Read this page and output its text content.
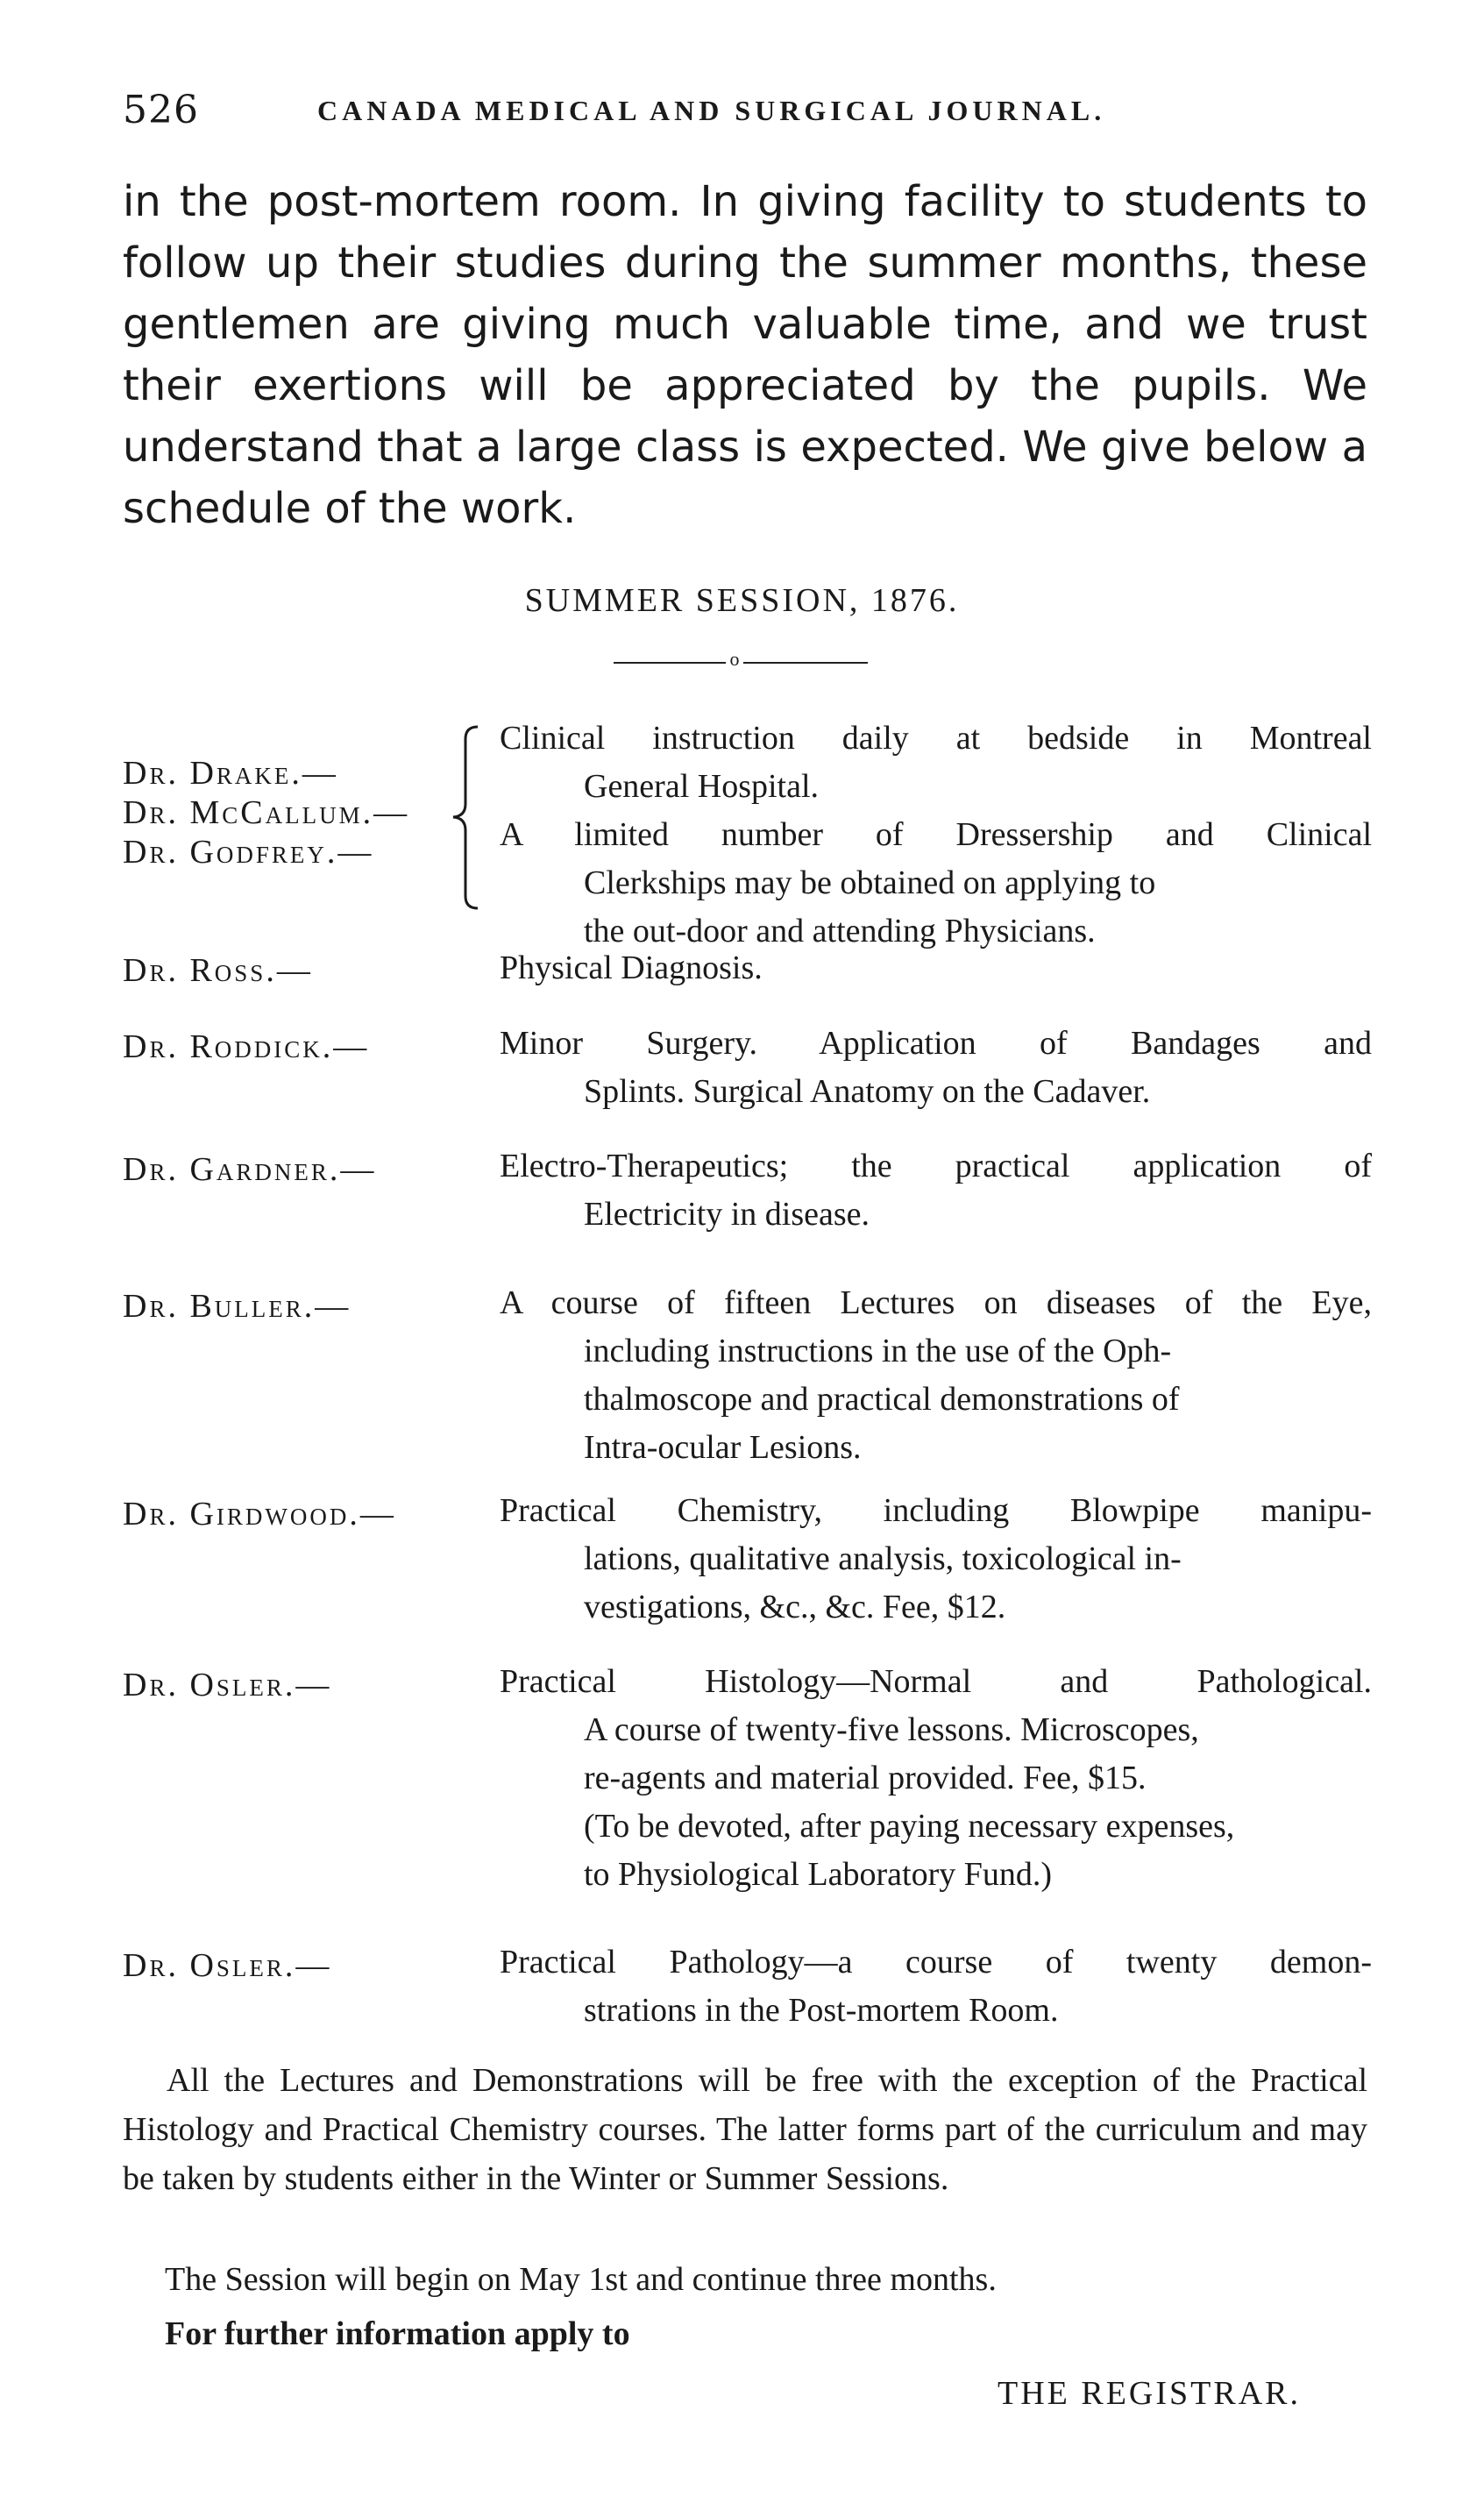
526	CANADA MEDICAL AND SURGICAL JOURNAL.

in the post-mortem room. In giving facility to students to follow up their studies during the summer months, these gentlemen are giving much valuable time, and we trust their exertions will be appreciated by the pupils. We understand that a large class is expected. We give below a schedule of the work.

SUMMER SESSION, 1876.
o
Dr. Drake.—
Dr. McCallum.—
Dr. Godfrey.—
Clinical instruction daily at bedside in Montreal
General Hospital.
A limited number of Dressership and Clinical
Clerkships may be obtained on applying to
the out-door and attending Physicians.
Dr. Ross.—	Physical Diagnosis.
Dr. Roddick.—	Minor Surgery. Application of Bandages and
Splints. Surgical Anatomy on the Cadaver.
Dr. Gardner.—	Electro-Therapeutics; the practical application of
Electricity in disease.
Dr. Buller.—	A course of fifteen Lectures on diseases of the Eye,
including instructions in the use of the Oph-
thalmoscope and practical demonstrations of
Intra-ocular Lesions.
Dr. Girdwood.—	Practical Chemistry, including Blowpipe manipu-
lations, qualitative analysis, toxicological in-
vestigations, &c., &c. Fee, $12.
Dr. Osler.—	Practical Histology—Normal and Pathological.
A course of twenty-five lessons. Microscopes,
re-agents and material provided. Fee, $15.
(To be devoted, after paying necessary expenses,
to Physiological Laboratory Fund.)
Dr. Osler.—	Practical Pathology—a course of twenty demon-
strations in the Post-mortem Room.

All the Lectures and Demonstrations will be free with the exception of the Practical Histology and Practical Chemistry courses. The latter forms part of the curriculum and may be taken by students either in the Winter or Summer Sessions.

The Session will begin on May 1st and continue three months.
For further information apply to
THE REGISTRAR.
